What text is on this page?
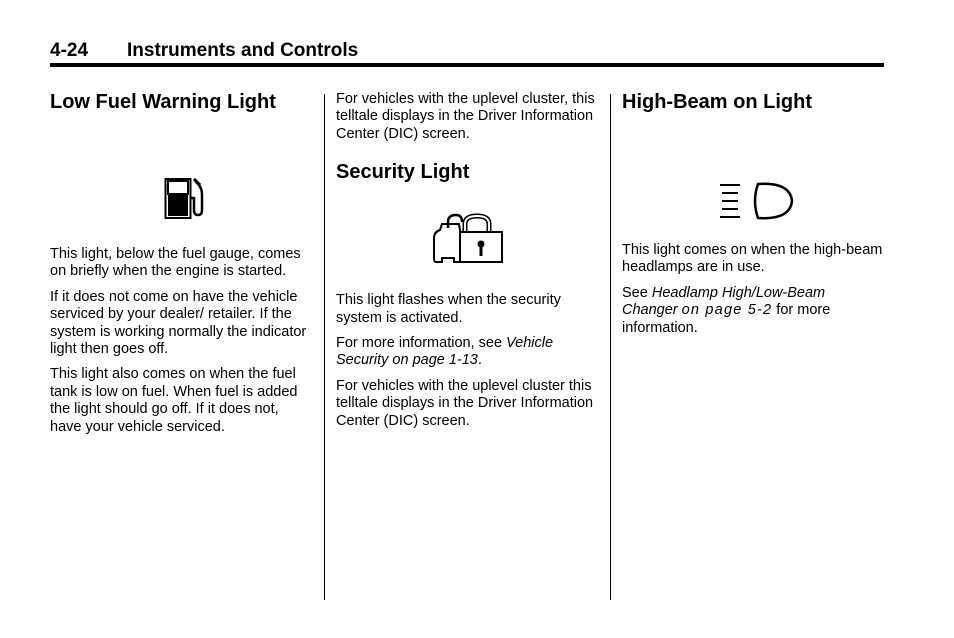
4-24 Instruments and Controls
Low Fuel Warning Light

This light, below the fuel gauge, comes on briefly when the engine is started.

If it does not come on have the vehicle serviced by your dealer/ retailer. If the system is working normally the indicator light then goes off.

This light also comes on when the fuel tank is low on fuel. When fuel is added the light should go off. If it does not, have your vehicle serviced.

For vehicles with the uplevel cluster, this telltale displays in the Driver Information Center (DIC) screen.

Security Light

This light flashes when the security system is activated.

For more information, see Vehicle Security on page 1-13.

For vehicles with the uplevel cluster this telltale displays in the Driver Information Center (DIC) screen.

High-Beam on Light

This light comes on when the high-beam headlamps are in use.

See Headlamp High/Low-Beam Changer on page 5-2 for more information.
